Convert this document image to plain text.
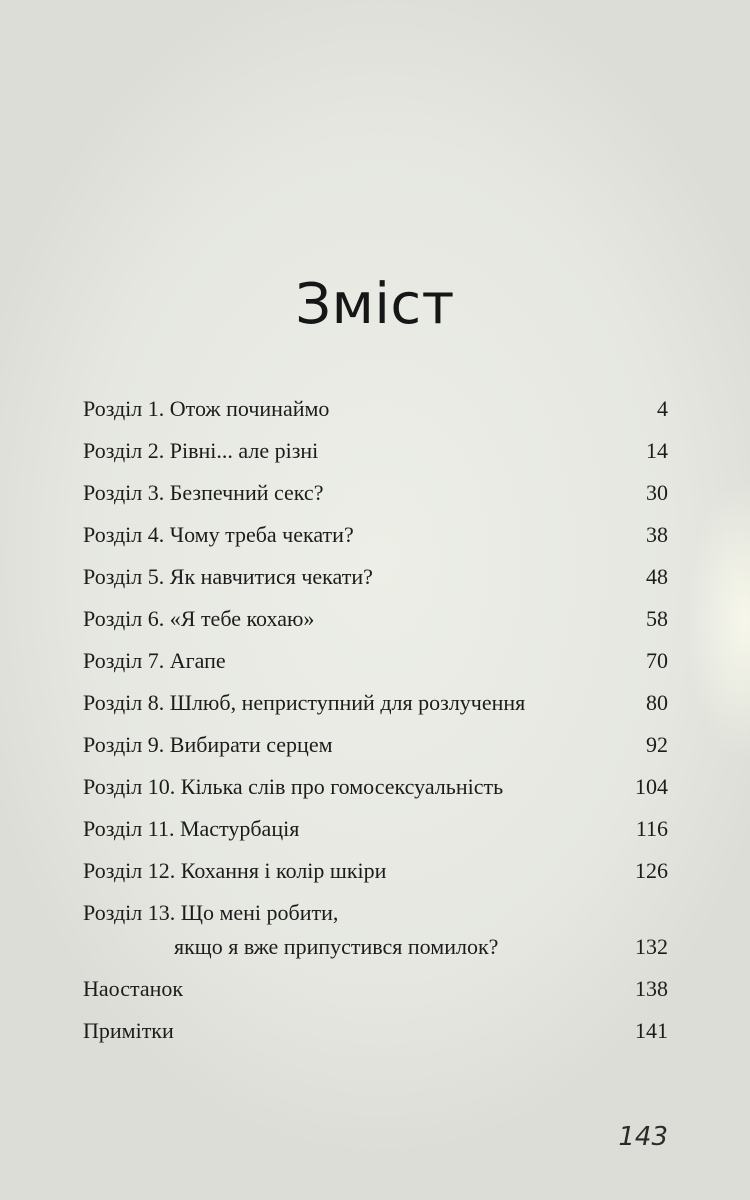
Зміст
Розділ 1. Отож починаймо	4
Розділ 2. Рівні... але різні	14
Розділ 3. Безпечний секс?	30
Розділ 4. Чому треба чекати?	38
Розділ 5. Як навчитися чекати?	48
Розділ 6. «Я тебе кохаю»	58
Розділ 7. Агапе	70
Розділ 8. Шлюб, неприступний для розлучення	80
Розділ 9. Вибирати серцем	92
Розділ 10. Кілька слів про гомосексуальність	104
Розділ 11. Мастурбація	116
Розділ 12. Кохання і колір шкіри	126
Розділ 13. Що мені робити,
якщо я вже припустився помилок?	132
Наостанок	138
Примітки	141
143
